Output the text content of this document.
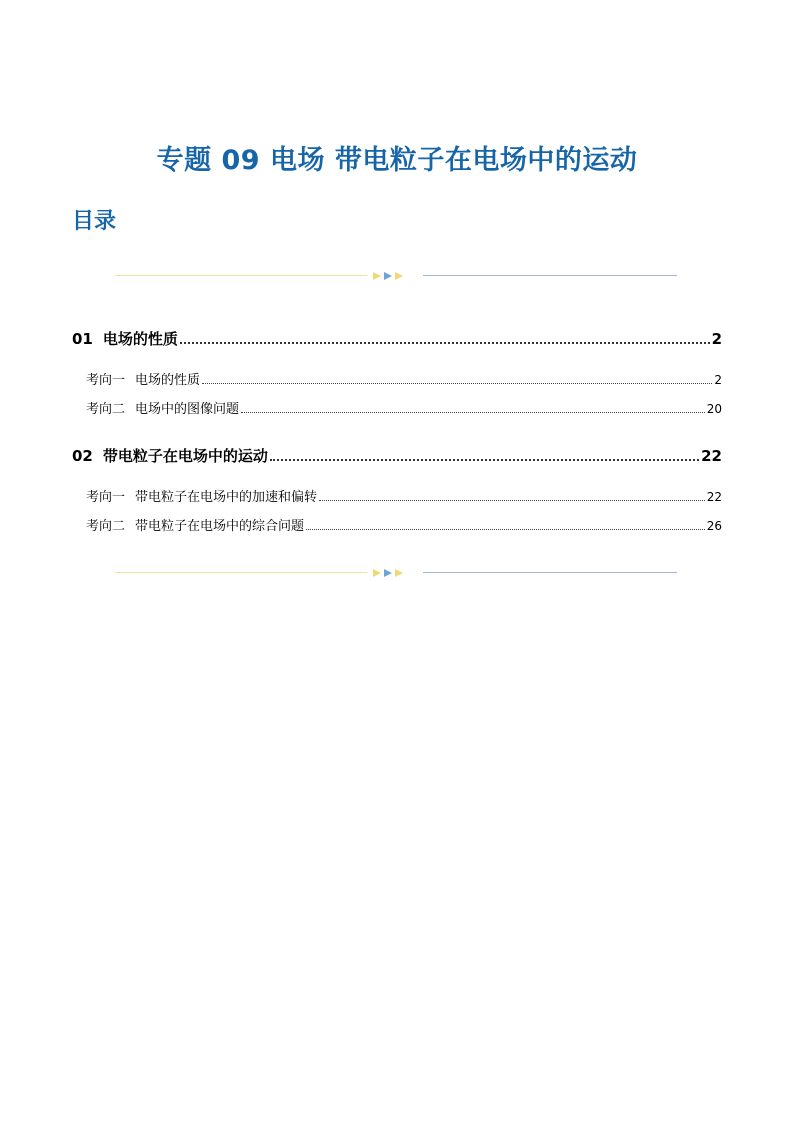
专题 09 电场 带电粒子在电场中的运动
目录
01 电场的性质	2
考向一 电场的性质	2
考向二 电场中的图像问题	20
02 带电粒子在电场中的运动	22
考向一 带电粒子在电场中的加速和偏转	22
考向二 带电粒子在电场中的综合问题	26
